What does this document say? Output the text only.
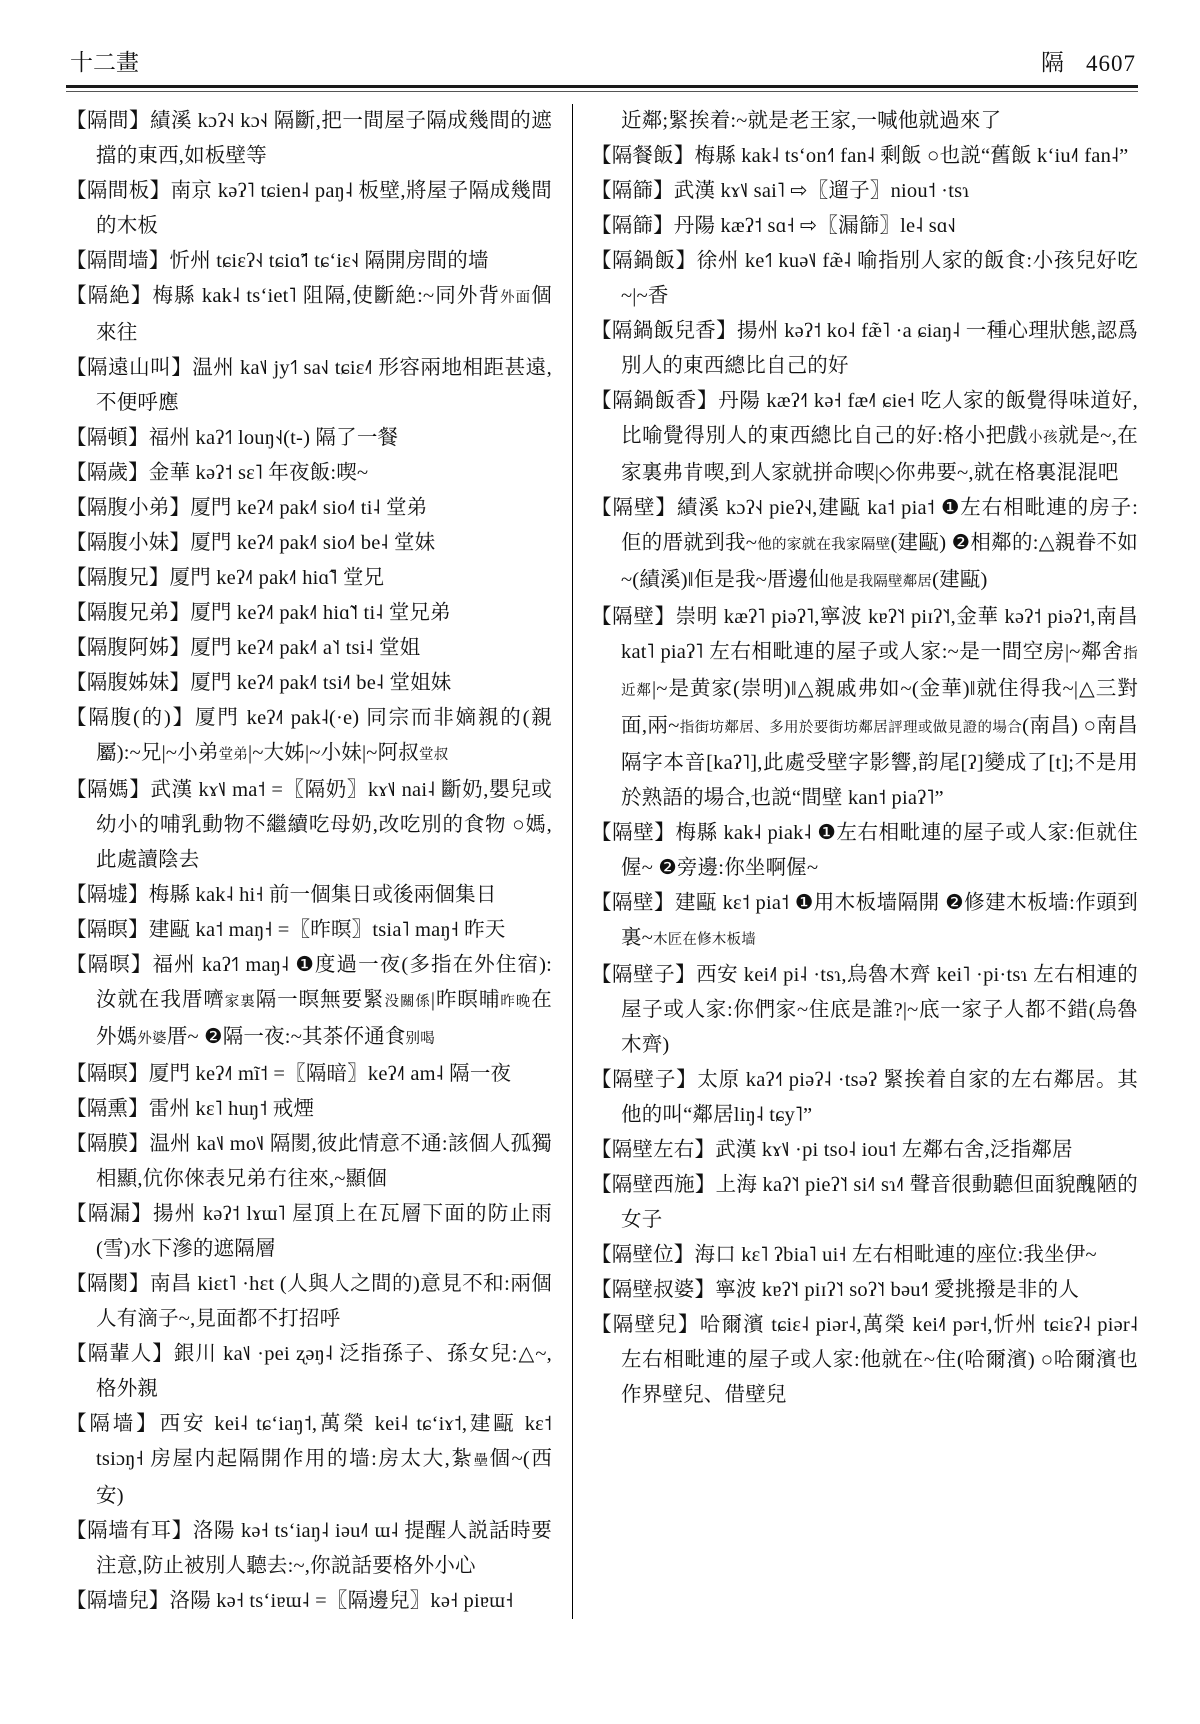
十二畫	隔 4607

【隔間】績溪 kɔʔ˧˨ kɔ˧˨ 隔斷,把一間屋子隔成幾間的遮擋的東西,如板壁等

【隔間板】南京 kəʔ˥ tɕien˨ paŋ˨ 板壁,將屋子隔成幾間的木板

【隔間墙】忻州 tɕiɛʔ˧˨ tɕiɑ̃˦˥ tɕʻiɛ˧˨ 隔開房間的墙

【隔絶】梅縣 kak˨ tsʻiet˥ 阻隔,使斷絶:~同外背外面個來往

【隔遠山叫】温州 ka˦˩ jy˦˥ sa˧˩ tɕiɛ˨˥ 形容兩地相距甚遠,不便呼應

【隔頓】福州 kaʔ˦˥ louŋ˧˨(t-) 隔了一餐

【隔歲】金華 kəʔ˦ sɛ˥ 年夜飯:喫~

【隔腹小弟】厦門 keʔ˨˥ pak˨˥ sio˨˥ ti˨ 堂弟

【隔腹小妹】厦門 keʔ˨˥ pak˨˥ sio˨˥ be˨ 堂妹

【隔腹兄】厦門 keʔ˨˥ pak˨˥ hiɑ̃˥ 堂兄

【隔腹兄弟】厦門 keʔ˨˥ pak˨˥ hiɑ̃˥˦ ti˨ 堂兄弟

【隔腹阿姊】厦門 keʔ˨˥ pak˨˥ a˥˦ tsi˨ 堂姐

【隔腹姊妹】厦門 keʔ˨˥ pak˨˥ tsi˨˥ be˨ 堂姐妹

【隔腹(的)】厦門 keʔ˨˥ pak˨(·e) 同宗而非嫡親的(親屬):~兄|~小弟堂弟|~大姊|~小妹|~阿叔堂叔

【隔媽】武漢 kɤ˦˩ ma˦ =〖隔奶〗kɤ˦˩ nai˨ 斷奶,嬰兒或幼小的哺乳動物不繼續吃母奶,改吃別的食物 ○媽,此處讀陰去

【隔墟】梅縣 kak˨ hi˧ 前一個集日或後兩個集日

【隔暝】建甌 ka˦ maŋ˧ =〖昨暝〗tsia˥ maŋ˧ 昨天

【隔暝】福州 kaʔ˦˥ maŋ˨ ❶度過一夜(多指在外住宿):汝就在我厝嚌家裏隔一暝無要緊没關係|昨暝晡昨晚在外媽外婆厝~ ❷隔一夜:~其茶伓通食别喝

【隔暝】厦門 keʔ˨˥ mĩ˦ =〖隔暗〗keʔ˨˥ am˨ 隔一夜

【隔熏】雷州 kɛ˥ huŋ˦ 戒煙

【隔膜】温州 ka˦˩ mo˦˩ 隔閡,彼此情意不通:該個人孤獨相顯,伉你倈表兄弟冇往來,~顯個

【隔漏】揚州 kəʔ˦ lɤɯ˥ 屋頂上在瓦層下面的防止雨(雪)水下滲的遮隔層

【隔閡】南昌 kiɛt˥ ·hɛt (人與人之間的)意見不和:兩個人有滴子~,見面都不打招呼

【隔輩人】銀川 ka˦˩ ·pei ʐəŋ˨ 泛指孫子、孫女兒:△~,格外親

【隔墙】西安 kei˨ tɕʻiaŋ˦,萬榮 kei˨ tɕʻiɤ˦,建甌 kɛ˦ tsiɔŋ˧ 房屋内起隔開作用的墙:房太大,紮壘個~(西安)

【隔墙有耳】洛陽 kə˧ tsʻiaŋ˨ iəu˨˥ ɯ˨ 提醒人説話時要注意,防止被別人聽去:~,你説話要格外小心

【隔墙兒】洛陽 kə˧ tsʻiɐɯ˨ =〖隔邊兒〗kə˧ piɐɯ˧

近鄰;緊挨着:~就是老王家,一喊他就過來了

【隔餐飯】梅縣 kak˨ tsʻon˧˥ fan˨ 剩飯 ○也説“舊飯 kʻiu˨˥ fan˨”

【隔篩】武漢 kɤ˦˩ sai˥ ⇨〖遛子〗niou˦ ·tsɿ

【隔篩】丹陽 kæʔ˦ sɑ˧ ⇨〖漏篩〗le˨ sɑ˧˩

【隔鍋飯】徐州 ke˦˥ kuə˦˩ fæ̃˨ 喻指別人家的飯食:小孩兒好吃~|~香

【隔鍋飯兒香】揚州 kəʔ˦ ko˨ fæ̃˥ ·a ɕiaŋ˨ 一種心理狀態,認爲別人的東西總比自己的好

【隔鍋飯香】丹陽 kæʔ˧˥ kə˧ fæ˨˥ ɕie˧ 吃人家的飯覺得味道好,比喻覺得別人的東西總比自己的好:格小把戲小孩就是~,在家裏弗肯喫,到人家就拼命喫|◇你弗要~,就在格裏混混吧

【隔壁】績溪 kɔʔ˧˨ pieʔ˧˨,建甌 ka˦ pia˦ ❶左右相毗連的房子:佢的厝就到我~他的家就在我家隔壁(建甌) ❷相鄰的:△親眷不如~(績溪)‖佢是我~厝邊仙他是我隔壁鄰居(建甌)

【隔壁】崇明 kæʔ˥ piəʔ˥,寧波 kɐʔ˥˦ piɪʔ˥˦,金華 kəʔ˦ piəʔ˦,南昌 kat˥ piaʔ˥ 左右相毗連的屋子或人家:~是一間空房|~鄰舍指近鄰|~是黄家(崇明)‖△親戚弗如~(金華)‖就住得我~|△三對面,兩~指街坊鄰居、多用於要街坊鄰居評理或做見證的場合(南昌) ○南昌隔字本音[kaʔ˥],此處受壁字影響,韵尾[ʔ]變成了[t];不是用於熟語的場合,也説“間壁 kan˦ piaʔ˥”

【隔壁】梅縣 kak˨ piak˨ ❶左右相毗連的屋子或人家:佢就住偓~ ❷旁邊:你坐啊偓~

【隔壁】建甌 kɛ˦ pia˦ ❶用木板墙隔開 ❷修建木板墙:作頭到裏~木匠在修木板墙

【隔壁子】西安 kei˨˥ pi˨ ·tsɿ,烏魯木齊 kei˥ ·pi·tsɿ 左右相連的屋子或人家:你們家~住底是誰?|~底一家子人都不錯(烏魯木齊)

【隔壁子】太原 kaʔ˧˥ piəʔ˨ ·tsəʔ 緊挨着自家的左右鄰居。其他的叫“鄰居liŋ˨ tɕy˥”

【隔壁左右】武漢 kɤ˦˩ ·pi tso˨ iou˦ 左鄰右舍,泛指鄰居

【隔壁西施】上海 kaʔ˥˦ pieʔ˥˦ si˨˥ sɿ˨˥ 聲音很動聽但面貌醜陋的女子

【隔壁位】海口 kɛ˥ ʔbia˥ ui˧ 左右相毗連的座位:我坐伊~

【隔壁叔婆】寧波 kɐʔ˥˦ piɪʔ˥˦ soʔ˥˦ bəu˧˥ 愛挑撥是非的人

【隔壁兒】哈爾濱 tɕiɛ˨ piər˨,萬榮 kei˨˥ pər˧,忻州 tɕiɛʔ˨ piər˨ 左右相毗連的屋子或人家:他就在~住(哈爾濱) ○哈爾濱也作界壁兒、借壁兒
